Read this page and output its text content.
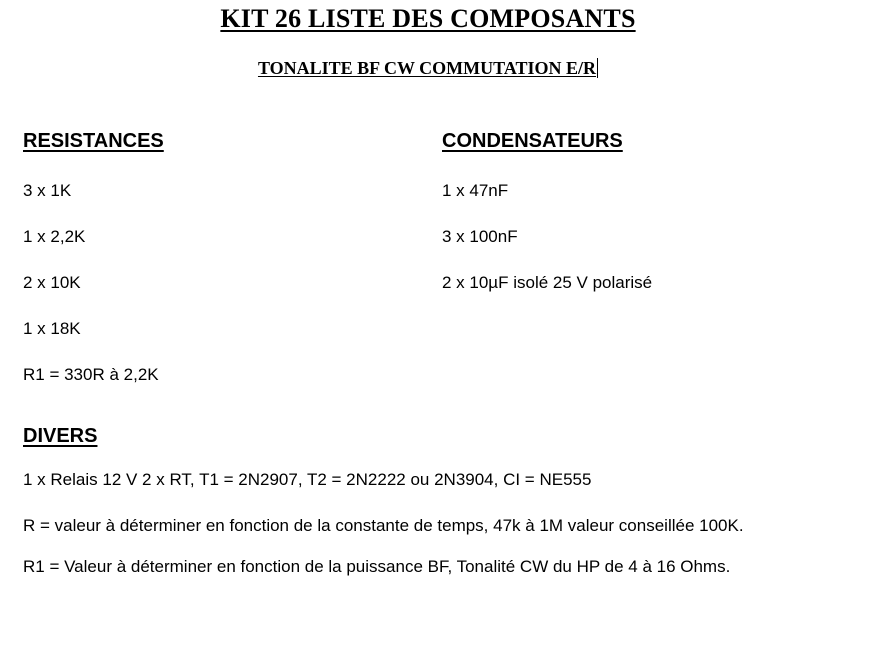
KIT 26 LISTE DES COMPOSANTS
TONALITE BF CW COMMUTATION E/R
RESISTANCES
3 x 1K
1 x 2,2K
2 x 10K
1 x 18K
R1 = 330R à 2,2K
CONDENSATEURS
1 x 47nF
3 x 100nF
2 x 10µF isolé 25 V polarisé
DIVERS
1 x Relais 12 V 2 x RT, T1 = 2N2907, T2 = 2N2222 ou 2N3904, CI = NE555
R = valeur à déterminer en fonction de la constante de temps, 47k à 1M valeur conseillée 100K.
R1 = Valeur à déterminer en fonction de la puissance BF, Tonalité CW du HP de 4 à 16 Ohms.
